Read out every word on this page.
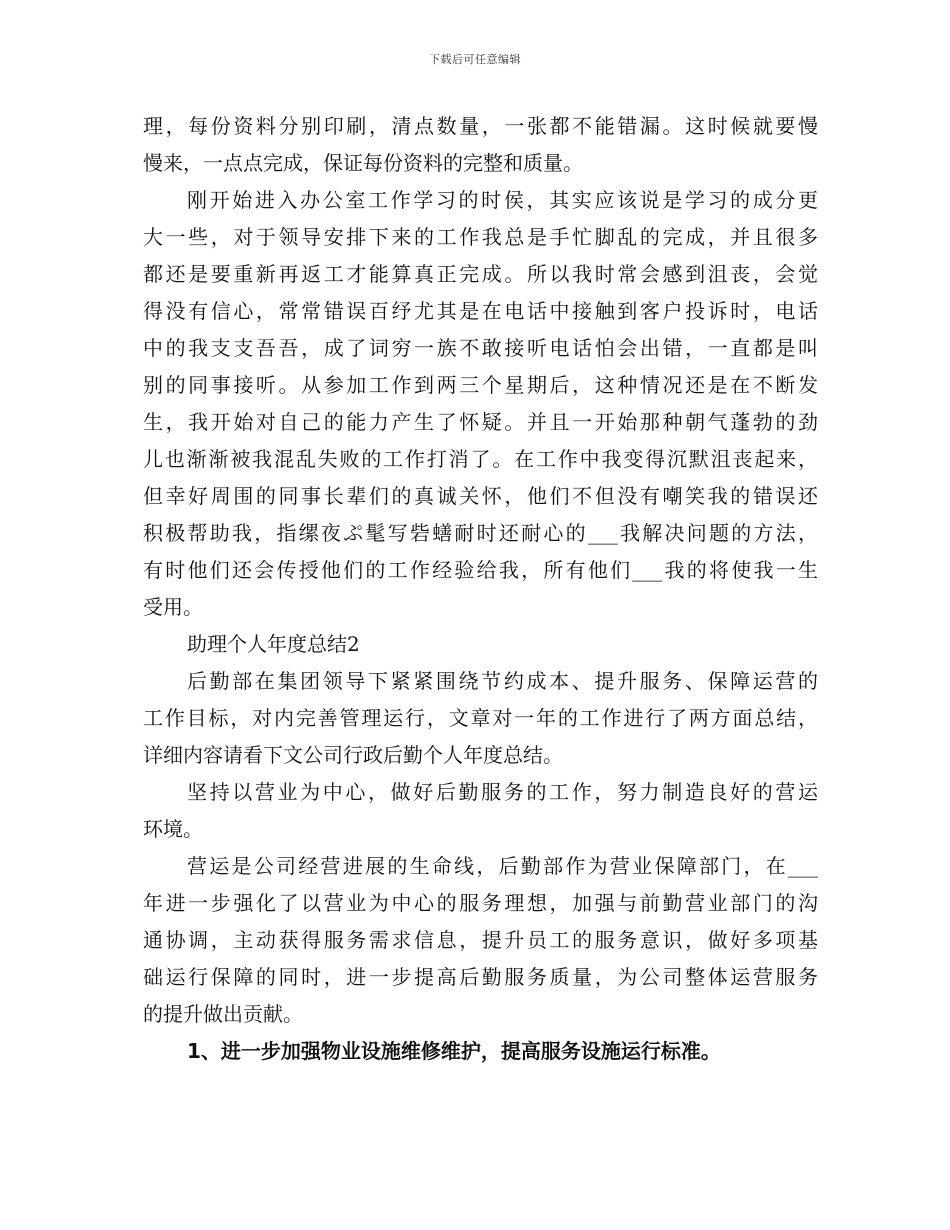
下载后可任意编辑
理，每份资料分别印刷，清点数量，一张都不能错漏。这时候就要慢
慢来，一点点完成，保证每份资料的完整和质量。
刚开始进入办公室工作学习的时侯，其实应该说是学习的成分更
大一些，对于领导安排下来的工作我总是手忙脚乱的完成，并且很多
都还是要重新再返工才能算真正完成。所以我时常会感到沮丧，会觉
得没有信心，常常错误百纾尤其是在电话中接触到客户投诉时，电话
中的我支支吾吾，成了词穷一族不敢接听电话怕会出错，一直都是叫
别的同事接听。从参加工作到两三个星期后，这种情况还是在不断发
生，我开始对自己的能力产生了怀疑。并且一开始那种朝气蓬勃的劲
儿也渐渐被我混乱失败的工作打消了。在工作中我变得沉默沮丧起来，
但幸好周围的同事长辈们的真诚关怀，他们不但没有嘲笑我的错误还
积极帮助我，指缧夜ぷ髦写砦蟮耐时还耐心的___我解决问题的方法，
有时他们还会传授他们的工作经验给我，所有他们___我的将使我一生
受用。
助理个人年度总结2
后勤部在集团领导下紧紧围绕节约成本、提升服务、保障运营的
工作目标，对内完善管理运行，文章对一年的工作进行了两方面总结，
详细内容请看下文公司行政后勤个人年度总结。
坚持以营业为中心，做好后勤服务的工作，努力制造良好的营运
环境。
营运是公司经营进展的生命线，后勤部作为营业保障部门，在___
年进一步强化了以营业为中心的服务理想，加强与前勤营业部门的沟
通协调，主动获得服务需求信息，提升员工的服务意识，做好多项基
础运行保障的同时，进一步提高后勤服务质量，为公司整体运营服务
的提升做出贡献。
1、进一步加强物业设施维修维护，提高服务设施运行标准。
